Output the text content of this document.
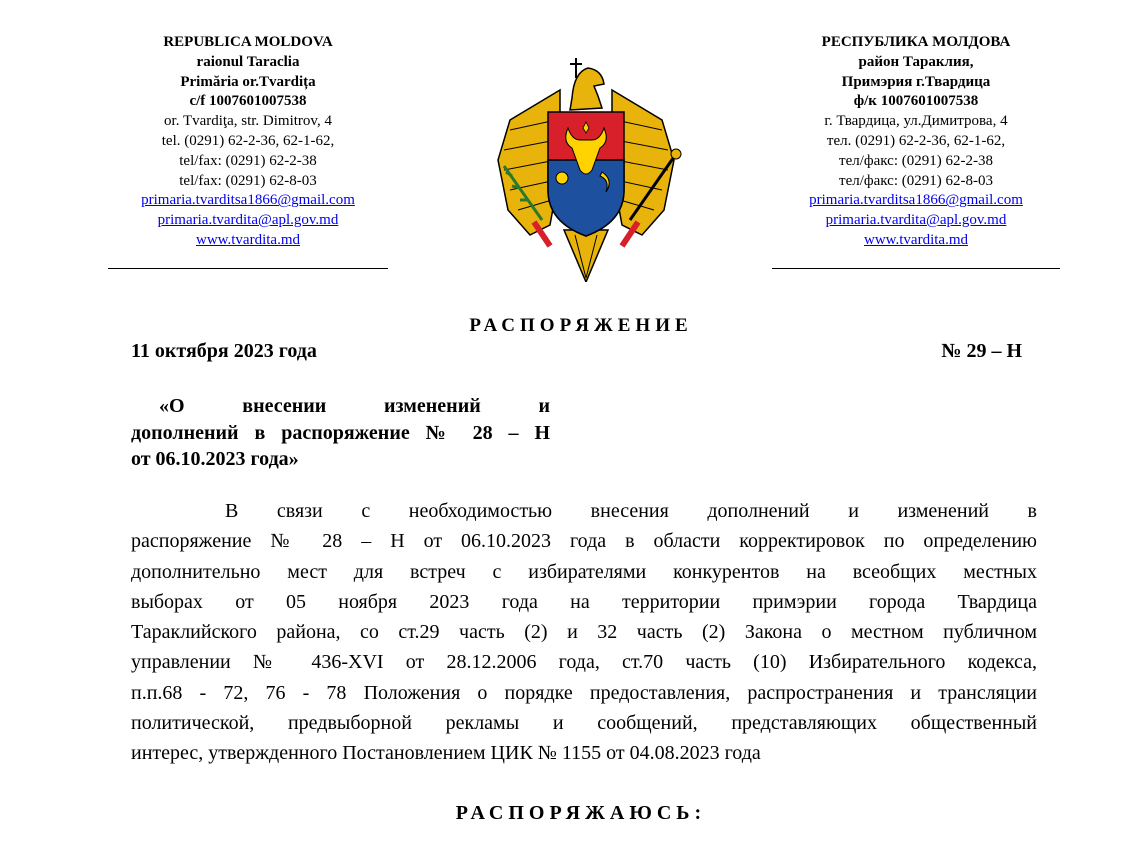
REPUBLICA MOLDOVA
raionul Taraclia
Primăria or.Tvardița
c/f 1007601007538
or. Tvardiţa, str. Dimitrov, 4
tel. (0291) 62-2-36, 62-1-62,
tel/fax: (0291) 62-2-38
tel/fax: (0291) 62-8-03
primaria.tvarditsa1866@gmail.com
primaria.tvardita@apl.gov.md
www.tvardita.md
РЕСПУБЛИКА МОЛДОВА
район Тараклия,
Примэрия г.Твардица
ф/к 1007601007538
г. Твардица, ул.Димитрова, 4
тел. (0291) 62-2-36, 62-1-62,
тел/факс: (0291) 62-2-38
тел/факс: (0291) 62-8-03
primaria.tvarditsa1866@gmail.com
primaria.tvardita@apl.gov.md
www.tvardita.md
РАСПОРЯЖЕНИЕ
11 октября 2023 года	№ 29 – Н
«О внесении изменений и
дополнений в распоряжение № 28 – Н
от 06.10.2023 года»
В связи с необходимостью внесения дополнений и изменений в
распоряжение № 28 – Н от 06.10.2023 года в области корректировок по определению
дополнительно мест для встреч с избирателями конкурентов на всеобщих местных
выборах от 05 ноября 2023 года на территории примэрии города Твардица
Тараклийского района, со ст.29 часть (2) и 32 часть (2) Закона о местном публичном
управлении № 436-XVI от 28.12.2006 года, ст.70 часть (10) Избирательного кодекса,
п.п.68 - 72, 76 - 78 Положения о порядке предоставления, распространения и трансляции
политической, предвыборной рекламы и сообщений, представляющих общественный
интерес, утвержденного Постановлением ЦИК № 1155 от 04.08.2023 года
РАСПОРЯЖАЮСЬ:
